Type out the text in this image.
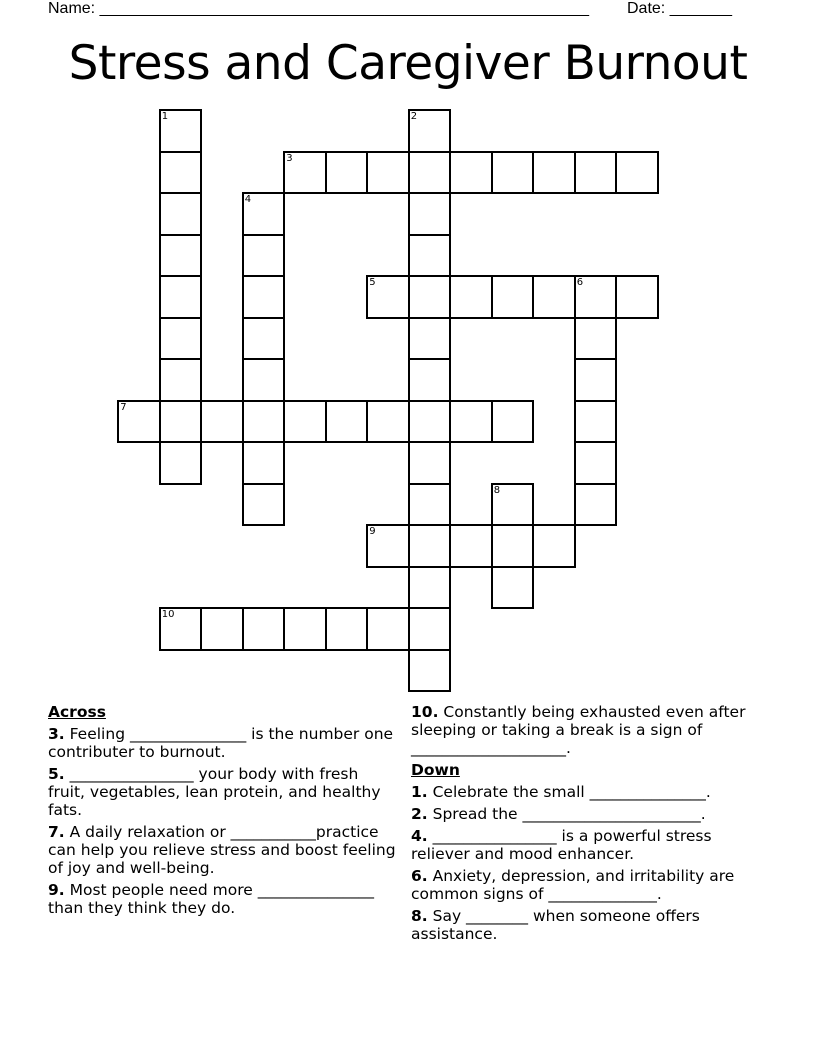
Name: _______________________________________________________ Date: _______
Stress and Caregiver Burnout
1	2
3
4
5	6
7
8
9
10
Across
3. Feeling _______________ is the number one contributer to burnout.
5. ________________ your body with fresh fruit, vegetables, lean protein, and healthy fats.
7. A daily relaxation or ___________practice can help you relieve stress and boost feeling of joy and well-being.
9. Most people need more _______________ than they think they do.
10. Constantly being exhausted even after sleeping or taking a break is a sign of ____________________.
Down
1. Celebrate the small _______________.
2. Spread the _______________________.
4. ________________ is a powerful stress reliever and mood enhancer.
6. Anxiety, depression, and irritability are common signs of ______________.
8. Say ________ when someone offers assistance.
